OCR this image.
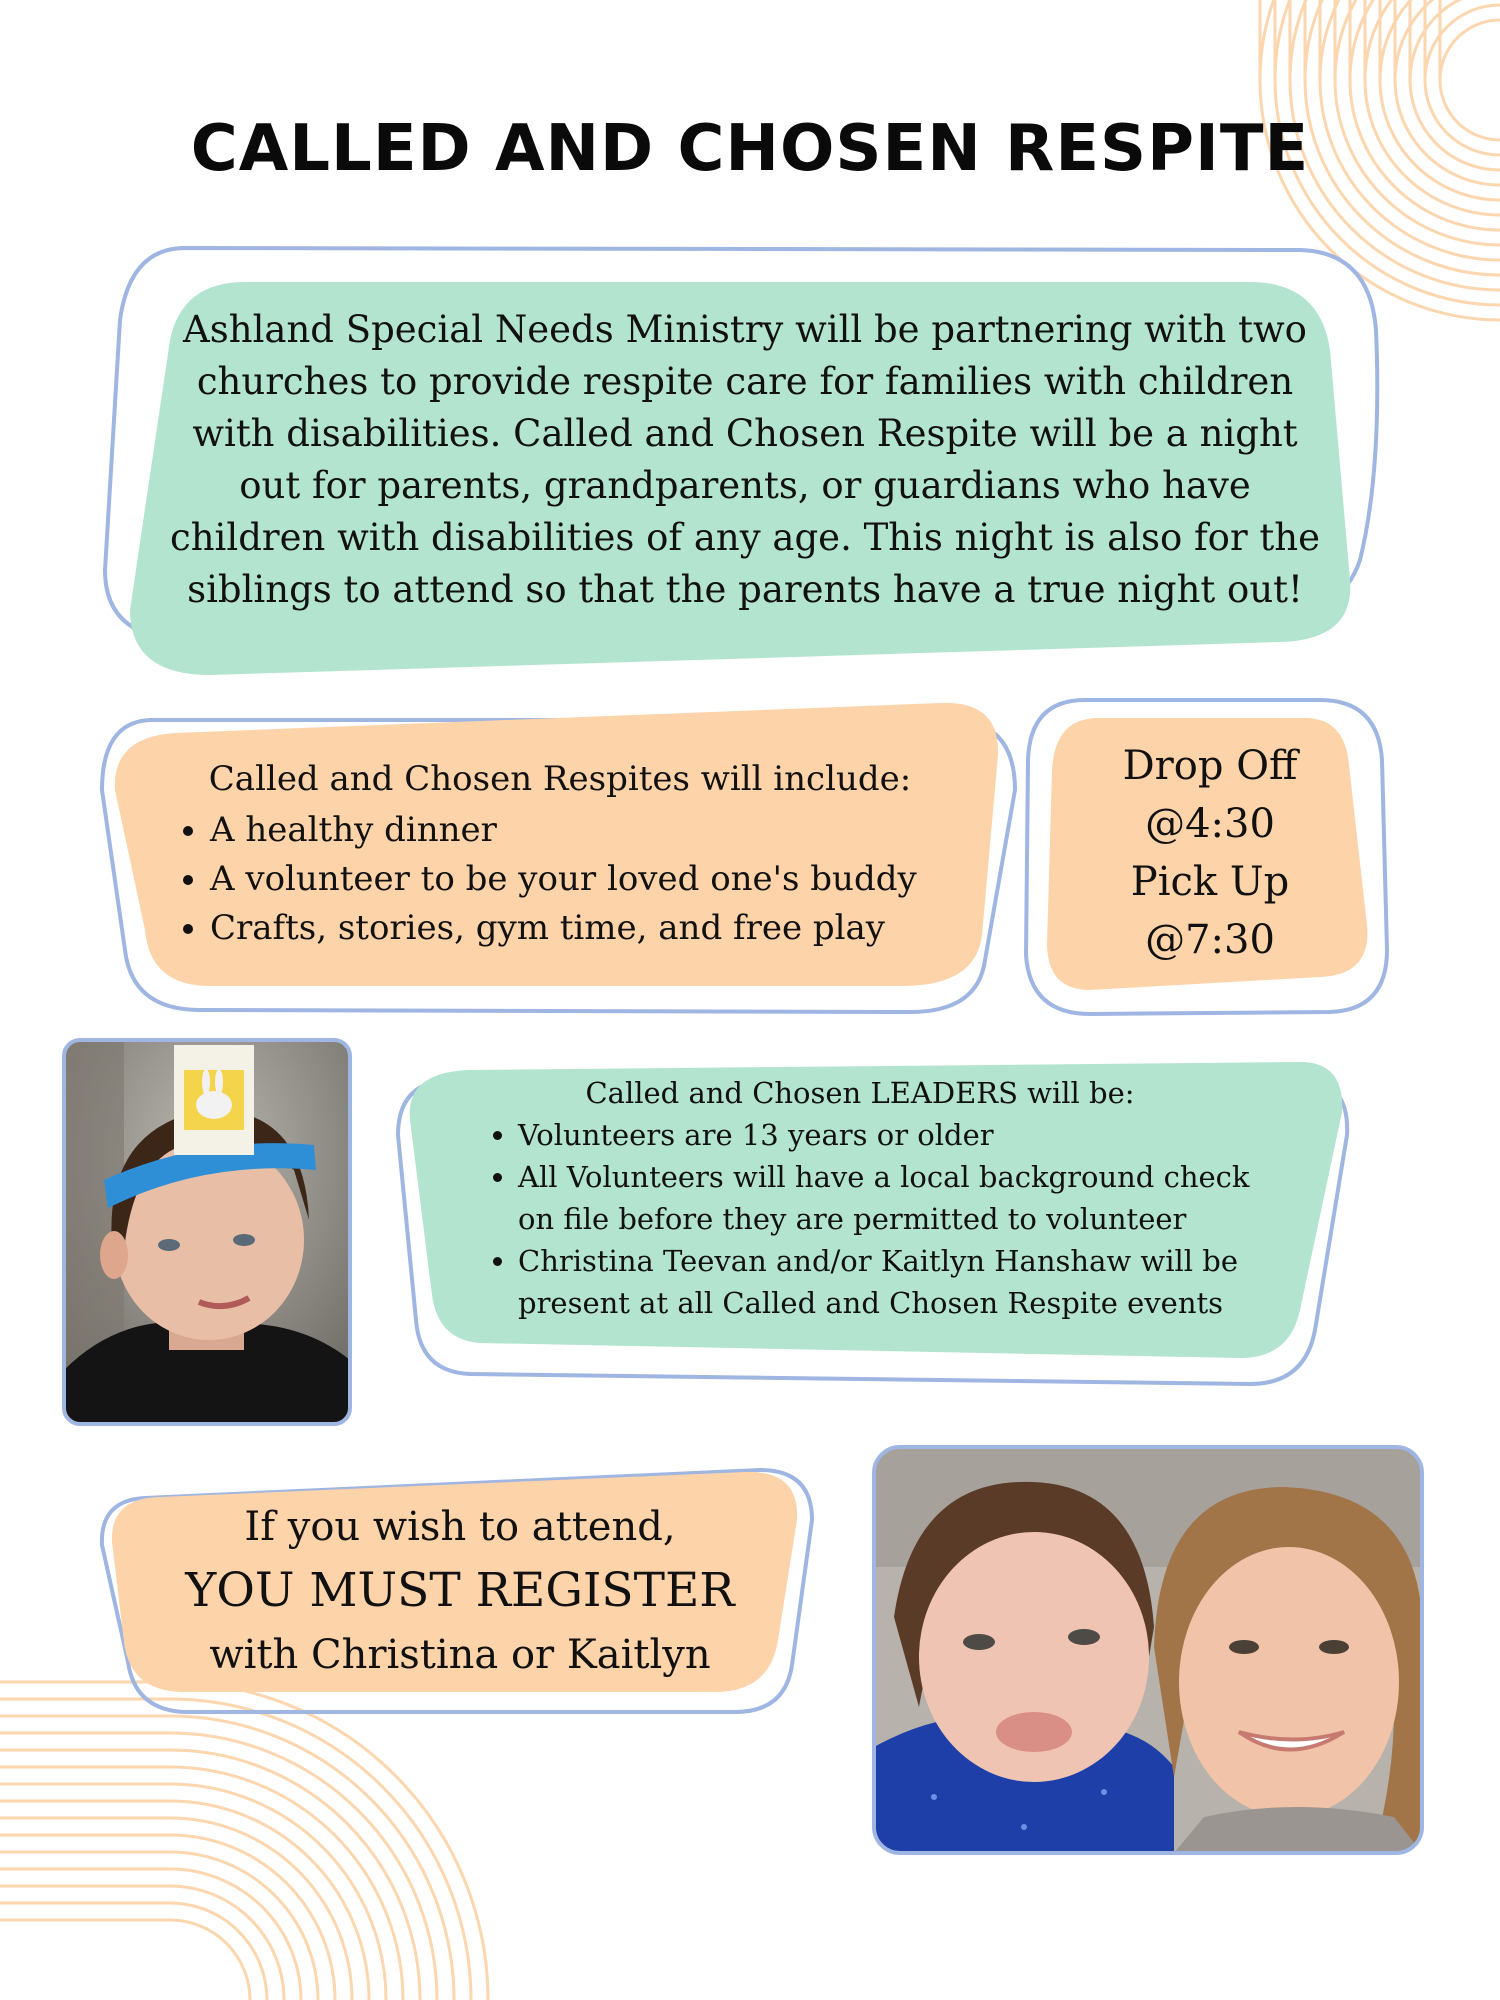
CALLED AND CHOSEN RESPITE

Ashland Special Needs Ministry will be partnering with two churches to provide respite care for families with children with disabilities. Called and Chosen Respite will be a night out for parents, grandparents, or guardians who have children with disabilities of any age. This night is also for the siblings to attend so that the parents have a true night out!

Called and Chosen Respites will include:
• A healthy dinner
• A volunteer to be your loved one's buddy
• Crafts, stories, gym time, and free play
Drop Off
@4:30
Pick Up
@7:30
Called and Chosen LEADERS will be:
• Volunteers are 13 years or older
• All Volunteers will have a local background check on file before they are permitted to volunteer
• Christina Teevan and/or Kaitlyn Hanshaw will be present at all Called and Chosen Respite events
If you wish to attend,
YOU MUST REGISTER
with Christina or Kaitlyn
